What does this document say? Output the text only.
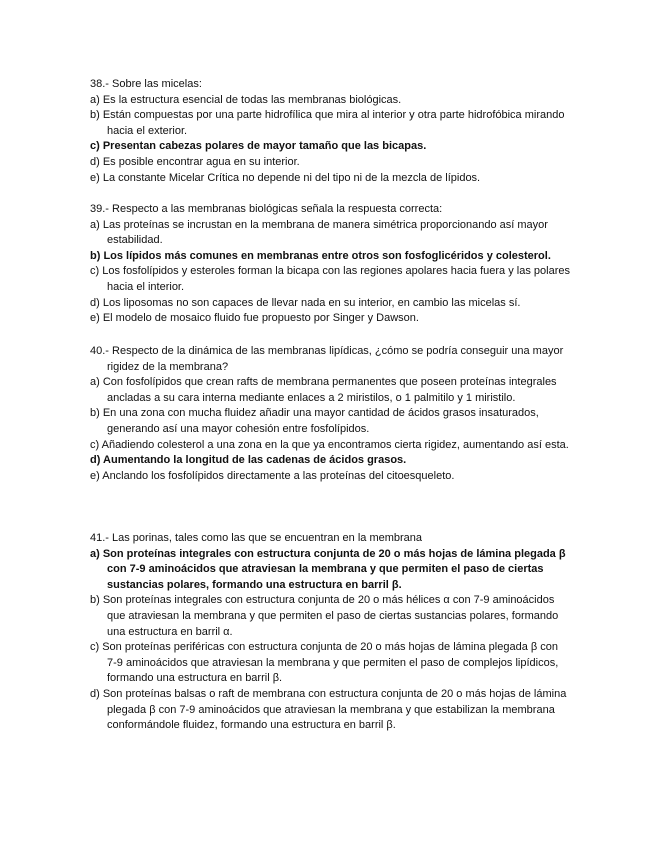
38.- Sobre las micelas:

a) Es la estructura esencial de todas las membranas biológicas.

b) Están compuestas por una parte hidrofílica que mira al interior y otra parte hidrofóbica mirando hacia el exterior.

c) Presentan cabezas polares de mayor tamaño que las bicapas.

d) Es posible encontrar agua en su interior.

e) La constante Micelar Crítica no depende ni del tipo ni de la mezcla de lípidos.

39.- Respecto a las membranas biológicas señala la respuesta correcta:

a) Las proteínas se incrustan en la membrana de manera simétrica proporcionando así mayor estabilidad.

b) Los lípidos más comunes en membranas entre otros son fosfoglicéridos y colesterol.

c) Los fosfolípidos y esteroles forman la bicapa con las regiones apolares hacia fuera y las polares hacia el interior.

d) Los liposomas no son capaces de llevar nada en su interior, en cambio las micelas sí.

e) El modelo de mosaico fluido fue propuesto por Singer y Dawson.

40.- Respecto de la dinámica de las membranas lipídicas, ¿cómo se podría conseguir una mayor rigidez de la membrana?

a) Con fosfolípidos que crean rafts de membrana permanentes que poseen proteínas integrales ancladas a su cara interna mediante enlaces a 2 miristilos, o 1 palmitilo y 1 miristilo.

b) En una zona con mucha fluidez añadir una mayor cantidad de ácidos grasos insaturados, generando así una mayor cohesión entre fosfolípidos.

c) Añadiendo colesterol a una zona en la que ya encontramos cierta rigidez, aumentando así esta.

d) Aumentando la longitud de las cadenas de ácidos grasos.

e) Anclando los fosfolípidos directamente a las proteínas del citoesqueleto.

41.- Las porinas, tales como las que se encuentran en la membrana

a) Son proteínas integrales con estructura conjunta de 20 o más hojas de lámina plegada β con 7-9 aminoácidos que atraviesan la membrana y que permiten el paso de ciertas sustancias polares, formando una estructura en barril β.

b) Son proteínas integrales con estructura conjunta de 20 o más hélices α con 7-9 aminoácidos que atraviesan la membrana y que permiten el paso de ciertas sustancias polares, formando una estructura en barril α.

c) Son proteínas periféricas con estructura conjunta de 20 o más hojas de lámina plegada β con 7-9 aminoácidos que atraviesan la membrana y que permiten el paso de complejos lipídicos, formando una estructura en barril β.

d) Son proteínas balsas o raft de membrana con estructura conjunta de 20 o más hojas de lámina plegada β con 7-9 aminoácidos que atraviesan la membrana y que estabilizan la membrana conformándole fluidez, formando una estructura en barril β.
